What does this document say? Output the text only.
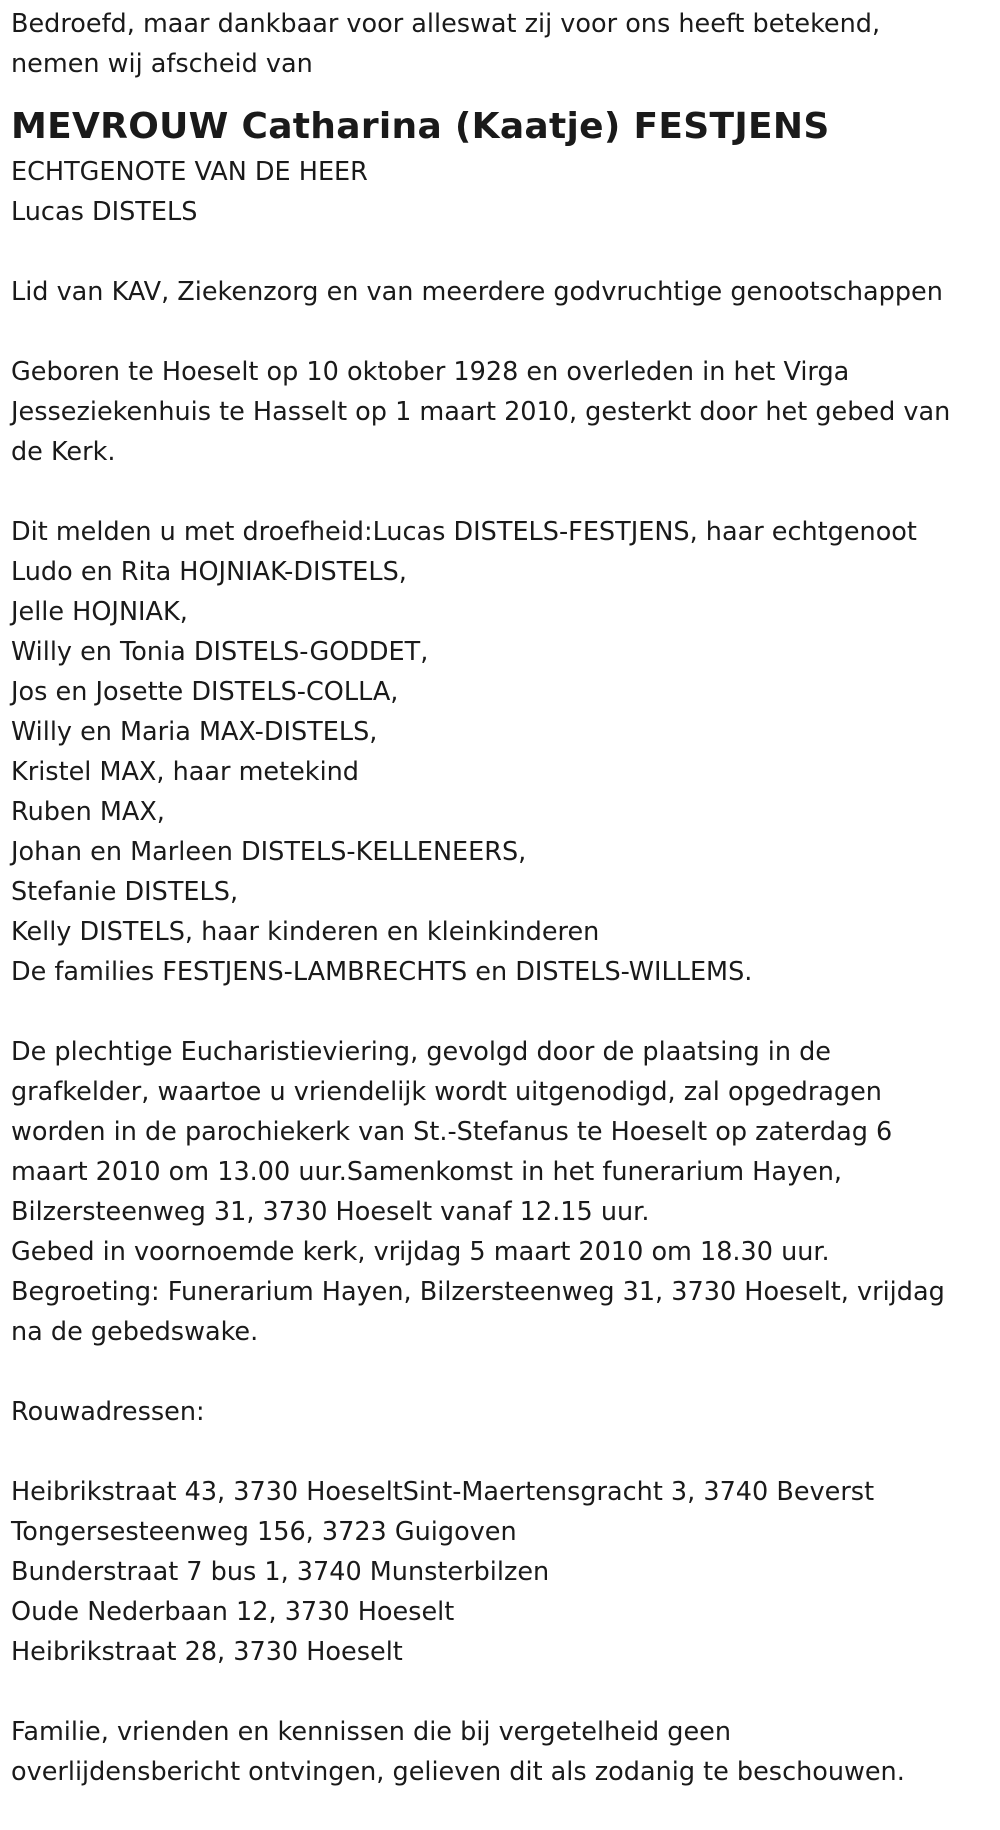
Bedroefd, maar dankbaar voor alleswat zij voor ons heeft betekend,

nemen wij afscheid van

MEVROUW Catharina (Kaatje) FESTJENS

ECHTGENOTE VAN DE HEER

Lucas DISTELS

Lid van KAV, Ziekenzorg en van meerdere godvruchtige genootschappen

Geboren te Hoeselt op 10 oktober 1928 en overleden in het Virga

Jesseziekenhuis te Hasselt op 1 maart 2010, gesterkt door het gebed van

de Kerk.

Dit melden u met droefheid:Lucas DISTELS-FESTJENS, haar echtgenoot

Ludo en Rita HOJNIAK-DISTELS,

Jelle HOJNIAK,

Willy en Tonia DISTELS-GODDET,

Jos en Josette DISTELS-COLLA,

Willy en Maria MAX-DISTELS,

Kristel MAX, haar metekind

Ruben MAX,

Johan en Marleen DISTELS-KELLENEERS,

Stefanie DISTELS,

Kelly DISTELS, haar kinderen en kleinkinderen

De families FESTJENS-LAMBRECHTS en DISTELS-WILLEMS.

De plechtige Eucharistieviering, gevolgd door de plaatsing in de

grafkelder, waartoe u vriendelijk wordt uitgenodigd, zal opgedragen

worden in de parochiekerk van St.-Stefanus te Hoeselt op zaterdag 6

maart 2010 om 13.00 uur.Samenkomst in het funerarium Hayen,

Bilzersteenweg 31, 3730 Hoeselt vanaf 12.15 uur.

Gebed in voornoemde kerk, vrijdag 5 maart 2010 om 18.30 uur.

Begroeting: Funerarium Hayen, Bilzersteenweg 31, 3730 Hoeselt, vrijdag

na de gebedswake.

Rouwadressen:

Heibrikstraat 43, 3730 HoeseltSint-Maertensgracht 3, 3740 Beverst

Tongersesteenweg 156, 3723 Guigoven

Bunderstraat 7 bus 1, 3740 Munsterbilzen

Oude Nederbaan 12, 3730 Hoeselt

Heibrikstraat 28, 3730 Hoeselt

Familie, vrienden en kennissen die bij vergetelheid geen

overlijdensbericht ontvingen, gelieven dit als zodanig te beschouwen.
